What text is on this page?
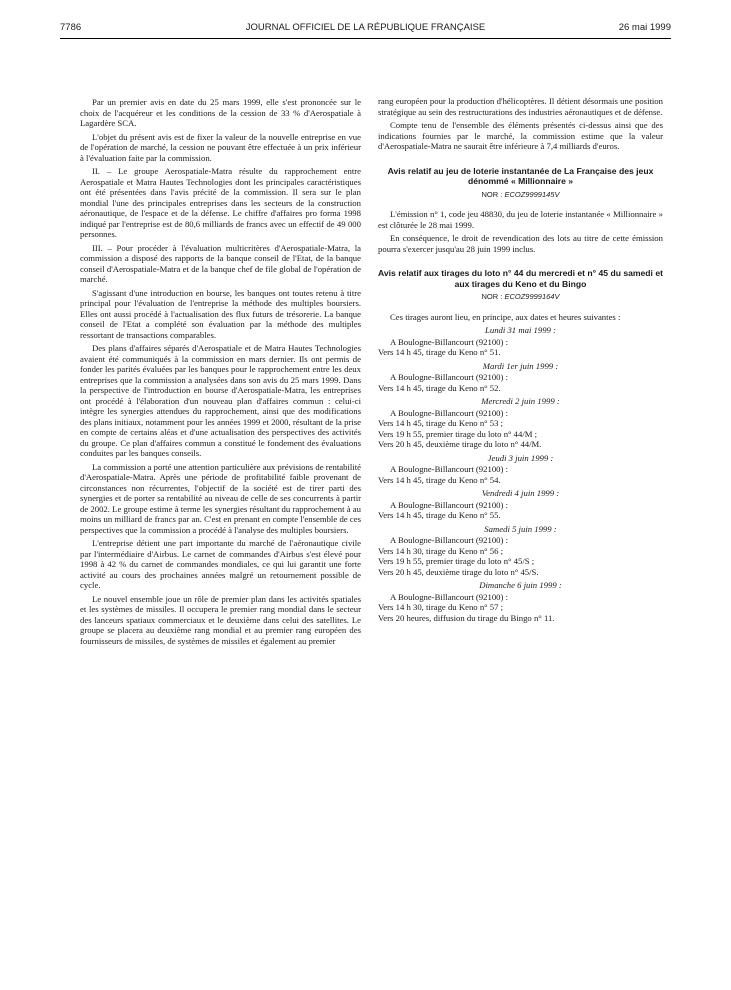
7786	JOURNAL OFFICIEL DE LA RÉPUBLIQUE FRANÇAISE	26 mai 1999

Par un premier avis en date du 25 mars 1999, elle s'est prononcée sur le choix de l'acquéreur et les conditions de la cession de 33 % d'Aerospatiale à Lagardère SCA.

L'objet du présent avis est de fixer la valeur de la nouvelle entreprise en vue de l'opération de marché, la cession ne pouvant être effectuée à un prix inférieur à l'évaluation faite par la commission.

II. – Le groupe Aerospatiale-Matra résulte du rapprochement entre Aerospatiale et Matra Hautes Technologies dont les principales caractéristiques ont été présentées dans l'avis précité de la commission. Il sera sur le plan mondial l'une des principales entreprises dans les secteurs de la construction aéronautique, de l'espace et de la défense. Le chiffre d'affaires pro forma 1998 indiqué par l'entreprise est de 80,6 milliards de francs avec un effectif de 49 000 personnes.

III. – Pour procéder à l'évaluation multicritères d'Aerospatiale-Matra, la commission a disposé des rapports de la banque conseil de l'Etat, de la banque conseil d'Aerospatiale-Matra et de la banque chef de file global de l'opération de marché.

S'agissant d'une introduction en bourse, les banques ont toutes retenu à titre principal pour l'évaluation de l'entreprise la méthode des multiples boursiers. Elles ont aussi procédé à l'actualisation des flux futurs de trésorerie. La banque conseil de l'Etat a complété son évaluation par la méthode des multiples ressortant de transactions comparables.

Des plans d'affaires séparés d'Aerospatiale et de Matra Hautes Technologies avaient été communiqués à la commission en mars dernier. Ils ont permis de fonder les parités évaluées par les banques pour le rapprochement entre les deux entreprises que la commission a analysées dans son avis du 25 mars 1999. Dans la perspective de l'introduction en bourse d'Aerospatiale-Matra, les entreprises ont procédé à l'élaboration d'un nouveau plan d'affaires commun : celui-ci intègre les synergies attendues du rapprochement, ainsi que des modifications des plans initiaux, notamment pour les années 1999 et 2000, résultant de la prise en compte de certains aléas et d'une actualisation des perspectives des activités du groupe. Ce plan d'affaires commun a constitué le fondement des évaluations conduites par les banques conseils.

La commission a porté une attention particulière aux prévisions de rentabilité d'Aerospatiale-Matra. Après une période de profitabilité faible provenant de circonstances non récurrentes, l'objectif de la société est de tirer parti des synergies et de porter sa rentabilité au niveau de celle de ses concurrents à partir de 2002. Le groupe estime à terme les synergies résultant du rapprochement à au moins un milliard de francs par an. C'est en prenant en compte l'ensemble de ces perspectives que la commission a procédé à l'analyse des multiples boursiers.

L'entreprise détient une part importante du marché de l'aéronautique civile par l'intermédiaire d'Airbus. Le carnet de commandes d'Airbus s'est élevé pour 1998 à 42 % du carnet de commandes mondiales, ce qui lui garantit une forte activité au cours des prochaines années malgré un retournement possible de cycle.

Le nouvel ensemble joue un rôle de premier plan dans les activités spatiales et les systèmes de missiles. Il occupera le premier rang mondial dans le secteur des lanceurs spatiaux commerciaux et le deuxième dans celui des satellites. Le groupe se placera au deuxième rang mondial et au premier rang européen des fournisseurs de missiles, de systèmes de missiles et également au premier

rang européen pour la production d'hélicoptères. Il détient désormais une position stratégique au sein des restructurations des industries aéronautiques et de défense.

Compte tenu de l'ensemble des éléments présentés ci-dessus ainsi que des indications fournies par le marché, la commission estime que la valeur d'Aerospatiale-Matra ne saurait être inférieure à 7,4 milliards d'euros.

Avis relatif au jeu de loterie instantanée de La Française des jeux dénommé « Millionnaire »
NOR : ECOZ9999145V

L'émission n° 1, code jeu 48830, du jeu de loterie instantanée « Millionnaire » est clôturée le 28 mai 1999.

En conséquence, le droit de revendication des lots au titre de cette émission pourra s'exercer jusqu'au 28 juin 1999 inclus.

Avis relatif aux tirages du loto n° 44 du mercredi et n° 45 du samedi et aux tirages du Keno et du Bingo
NOR : ECOZ9999164V

Ces tirages auront lieu, en principe, aux dates et heures suivantes :

Lundi 31 mai 1999 :
A Boulogne-Billancourt (92100) :
Vers 14 h 45, tirage du Keno n° 51.
Mardi 1er juin 1999 :
A Boulogne-Billancourt (92100) :
Vers 14 h 45, tirage du Keno n° 52.
Mercredi 2 juin 1999 :
A Boulogne-Billancourt (92100) :
Vers 14 h 45, tirage du Keno n° 53 ;
Vers 19 h 55, premier tirage du loto n° 44/M ;
Vers 20 h 45, deuxième tirage du loto n° 44/M.
Jeudi 3 juin 1999 :
A Boulogne-Billancourt (92100) :
Vers 14 h 45, tirage du Keno n° 54.
Vendredi 4 juin 1999 :
A Boulogne-Billancourt (92100) :
Vers 14 h 45, tirage du Keno n° 55.
Samedi 5 juin 1999 :
A Boulogne-Billancourt (92100) :
Vers 14 h 30, tirage du Keno n° 56 ;
Vers 19 h 55, premier tirage du loto n° 45/S ;
Vers 20 h 45, deuxième tirage du loto n° 45/S.
Dimanche 6 juin 1999 :
A Boulogne-Billancourt (92100) :
Vers 14 h 30, tirage du Keno n° 57 ;
Vers 20 heures, diffusion du tirage du Bingo n° 11.
